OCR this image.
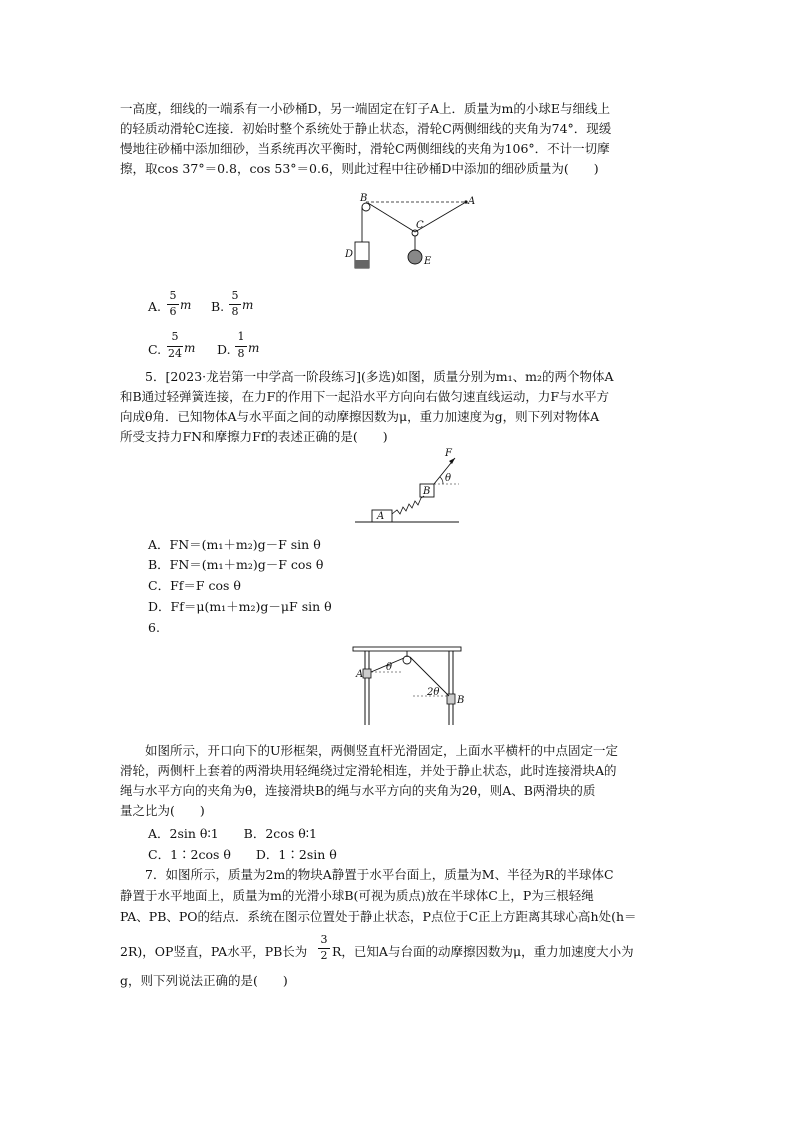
一高度，细线的一端系有一小砂桶D，另一端固定在钉子A上．质量为m的小球E与细线上
的轻质动滑轮C连接．初始时整个系统处于静止状态，滑轮C两侧细线的夹角为74°．现缓
慢地往砂桶中添加细砂，当系统再次平衡时，滑轮C两侧细线的夹角为106°．不计一切摩
擦，取cos 37°＝0.8，cos 53°＝0.6，则此过程中往砂桶D中添加的细砂质量为(　　)
B	A
C
D
E
A.
5
6 m B.
5
8 m
C.
5
24 m D.
1
8 m
5．[2023·龙岩第一中学高一阶段练习](多选)如图，质量分别为m₁、m₂的两个物体A
和B通过轻弹簧连接，在力F的作用下一起沿水平方向向右做匀速直线运动，力F与水平方
向成θ角．已知物体A与水平面之间的动摩擦因数为μ，重力加速度为g，则下列对物体A
所受支持力FN和摩擦力Ff的表述正确的是(　　)
A
B
F
θ
A．FN＝(m₁＋m₂)g－F sin θ
B．FN＝(m₁＋m₂)g－F cos θ
C．Ff＝F cos θ
D．Ff＝μ(m₁＋m₂)g－μF sin θ
6.
A
B
θ
2θ
如图所示，开口向下的U形框架，两侧竖直杆光滑固定，上面水平横杆的中点固定一定
滑轮，两侧杆上套着的两滑块用轻绳绕过定滑轮相连，并处于静止状态，此时连接滑块A的
绳与水平方向的夹角为θ，连接滑块B的绳与水平方向的夹角为2θ，则A、B两滑块的质
量之比为(　　)
A．2sin θ∶1　　B．2cos θ∶1
C．1∶2cos θ　　D．1∶2sin θ
7．如图所示，质量为2m的物块A静置于水平台面上，质量为M、半径为R的半球体C
静置于水平地面上，质量为m的光滑小球B(可视为质点)放在半球体C上，P为三根轻绳
PA、PB、PO的结点．系统在图示位置处于静止状态，P点位于C正上方距离其球心高h处(h＝
2R)，OP竖直，PA水平，PB长为
3
2 R，已知A与台面的动摩擦因数为μ，重力加速度大小为
g，则下列说法正确的是(　　)
